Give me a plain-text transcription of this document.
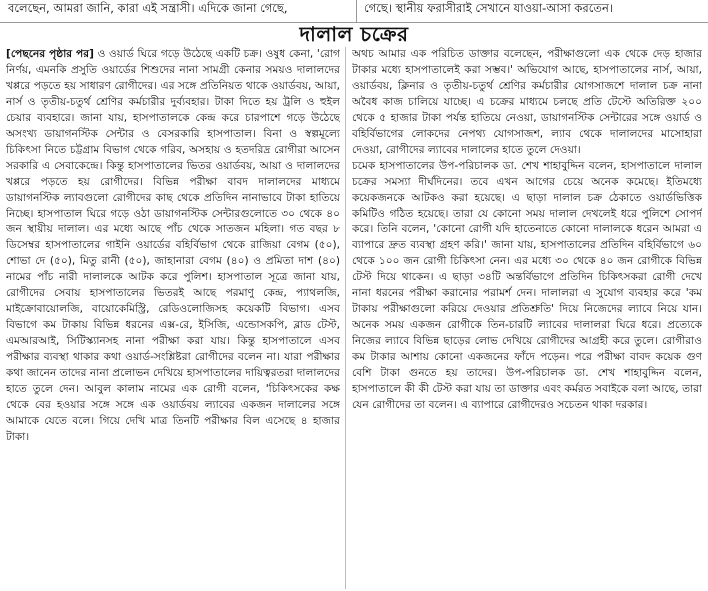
বলেছেন, আমরা জানি, কারা এই সন্ত্রাসী। এদিকে জানা গেছে,	গেছে। স্থানীয় ফরাসীরাই সেখানে যাওয়া-আসা করতেন।
দালাল চক্রের

[পেছনের পৃষ্ঠার পর] ও ওয়ার্ড ঘিরে গড়ে উঠেছে একটি চক্র। ওষুধ কেনা, 'রোগ নির্ণয়, এমনকি প্রসুতি ওয়ার্ডের শিশুদের নানা সামগ্রী কেনার সময়ও দালালদের খপ্পরে পড়তে হয় সাধারণ রোগীদের। এর সঙ্গে প্রতিনিয়ত থাকে ওয়ার্ডবয়, আয়া, নার্স ও তৃতীয়-চতুর্থ শ্রেণির কর্মচারীর দুর্ব্যবহার। টাকা দিতে হয় ট্রলি ও হুইল চেয়ার ব্যবহারে। জানা যায়, হাসপাতালকে কেন্দ্র করে চারপাশে গড়ে উঠেছে অসংখ্য ডায়াগনস্টিক সেন্টার ও বেসরকারি হাসপাতাল। বিনা ও স্বল্পমূল্যে চিকিৎসা নিতে চট্টগ্রাম বিভাগ থেকে গরিব, অসহায় ও হতদরিদ্র রোগীরা আসেন সরকারি এ সেবাকেন্দ্রে। কিন্তু হাসপাতালের ভিতর ওয়ার্ডবয়, আয়া ও দালালদের খপ্পরে পড়তে হয় রোগীদের। বিভিন্ন পরীক্ষা বাবদ দালালদের মাধ্যমে ডায়াগনস্টিক ল্যাবগুলো রোগীদের কাছ থেকে প্রতিদিন নানাভাবে টাকা হাতিয়ে নিচ্ছে। হাসপাতাল ঘিরে গড়ে ওঠা ডায়াগনস্টিক সেন্টারগুলোতে ৩০ থেকে ৪০ জন স্থায়ীয় দালাল। এর মধ্যে আছে পাঁচ থেকে সাতজন মহিলা। গত বছর ৮ ডিসেম্বর হাসপাতালের গাইনি ওয়ার্ডের বহির্বিভাগ থেকে রাজিয়া বেগম (৫০), শোভা দে (৫০), মিতু রানী (৫০), জাহানারা বেগম (৪০) ও প্রমিতা দাশ (৪০) নামের পাঁচ নারী দালালকে আটক করে পুলিশ। হাসপাতাল সূত্রে জানা যায়, রোগীদের সেবায় হাসপাতালের ভিতরই আছে পরমাণু কেন্দ্র, প্যাথলজি, মাইক্রোবায়োলজি, বায়োকেমিস্ট্রি, রেডিওলোজিসহ কয়েকটি বিভাগ। এসব বিভাগে কম টাকায় বিভিন্ন ধরনের এক্স-রে, ইসিজি, এন্ডোসকপি, ব্লাড টেস্ট, এমআরআই, সিটিস্ক্যানসহ নানা পরীক্ষা করা যায়। কিন্তু হাসপাতালে এসব পরীক্ষার ব্যবস্থা থাকার কথা ওয়ার্ড-সংশ্লিষ্টরা রোগীদের বলেন না। যারা পরীক্ষার কথা জানেন তাদের নানা প্রলোভন দেখিয়ে হাসপাতালের দায়িত্বরতরা দালালদের হাতে তুলে দেন। আবুল কালাম নামের এক রোগী বলেন, 'চিকিৎসকের কক্ষ থেকে বের হওয়ার সঙ্গে সঙ্গে এক ওয়ার্ডবয় ল্যাবের একজন দালালের সঙ্গে আমাকে যেতে বলে। গিয়ে দেখি মাত্র তিনটি পরীক্ষার বিল এসেছে ৪ হাজার টাকা।

অথচ আমার এক পরিচিত ডাক্তার বলেছেন, পরীক্ষাগুলো এক থেকে দেড় হাজার টাকার মধ্যে হাসপাতালেই করা সম্ভব।' অভিযোগ আছে, হাসপাতালের নার্স, আয়া, ওয়ার্ডবয়, ক্লিনার ও তৃতীয়-চতুর্থ শ্রেণির কর্মচারীর যোগসাজশে দালাল চক্র নানা অবৈধ কাজ চালিয়ে যাচ্ছে। এ চক্রের মাধ্যমে চলছে প্রতি টেস্টে অতিরিক্ত ২০০ থেকে ৫ হাজার টাকা পর্যন্ত হাতিয়ে নেওয়া, ডায়াগনস্টিক সেন্টারের সঙ্গে ওয়ার্ড ও বহির্বিভাগের লোকদের নেপথ্য যোগসাজশ, ল্যাব থেকে দালালদের মাসোহারা দেওয়া, রোগীদের ল্যাবের দালালের হাতে তুলে দেওয়া।

চমেক হাসপাতালের উপ-পরিচালক ডা. শেখ শাহাবুদ্দিন বলেন, হাসপাতালে দালাল চক্রের সমস্যা দীর্ঘদিনের। তবে এখন আগের চেয়ে অনেক কমেছে। ইতিমধ্যে কয়েকজনকে আটকও করা হয়েছে। এ ছাড়া দালাল চক্র ঠেকাতে ওয়ার্ডভিত্তিক কমিটিও গঠিত হয়েছে। তারা যে কোনো সময় দালাল দেখলেই ধরে পুলিশে সোপর্দ করে। তিনি বলেন, 'কোনো রোগী যদি হাতেনাতে কোনো দালালকে ধরেন আমরা এ ব্যাপারে দ্রুত ব্যবস্থা গ্রহণ করি।' জানা যায়, হাসপাতালের প্রতিদিন বহির্বিভাগে ৬০ থেকে ১০০ জন রোগী চিকিৎসা নেন। এর মধ্যে ৩০ থেকে ৪০ জন রোগীকে বিভিন্ন টেস্ট দিয়ে থাকেন। এ ছাড়া ৩৪টি অন্তর্বিভাগে প্রতিদিন চিকিৎসকরা রোগী দেখে নানা ধরনের পরীক্ষা করানোর পরামর্শ দেন। দালালরা এ সুযোগ ব্যবহার করে 'কম টাকায় পরীক্ষাগুলো করিয়ে দেওয়ার প্রতিশ্রুতি' দিয়ে নিজেদের ল্যাবে নিয়ে যান। অনেক সময় একজন রোগীকে তিন-চারটি ল্যাবের দালালরা ঘিরে ধরে। প্রত্যেকে নিজের ল্যাবে বিভিন্ন ছাড়ের লোভ দেখিয়ে রোগীদের আগ্রহী করে তুলে। রোগীরাও কম টাকার আশায় কোনো একজনের ফাঁদে পড়েন। পরে পরীক্ষা বাবদ কয়েক গুণ বেশি টাকা গুনতে হয় তাদের। উপ-পরিচালক ডা. শেখ শাহাবুদ্দিন বলেন, হাসপাতালে কী কী টেস্ট করা যায় তা ডাক্তার এবং কর্মরত সবাইকে বলা আছে, তারা যেন রোগীদের তা বলেন। এ ব্যাপারে রোগীদেরও সচেতন থাকা দরকার।
